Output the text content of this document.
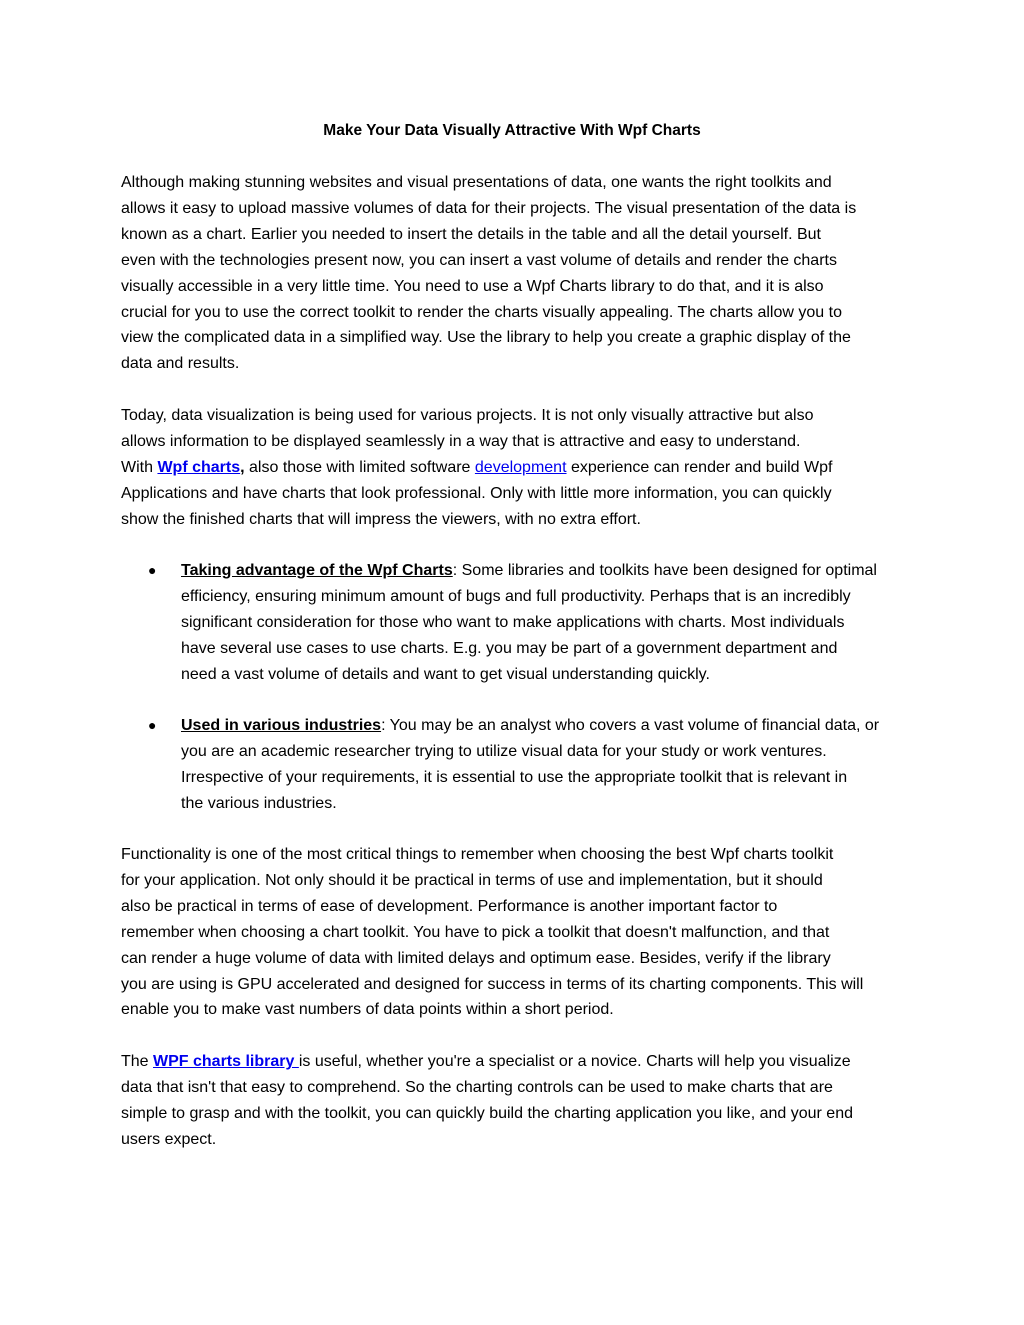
Make Your Data Visually Attractive With Wpf Charts

Although making stunning websites and visual presentations of data, one wants the right toolkits and
allows it easy to upload massive volumes of data for their projects. The visual presentation of the data is
known as a chart. Earlier you needed to insert the details in the table and all the detail yourself. But
even with the technologies present now, you can insert a vast volume of details and render the charts
visually accessible in a very little time. You need to use a Wpf Charts library to do that, and it is also
crucial for you to use the correct toolkit to render the charts visually appealing. The charts allow you to
view the complicated data in a simplified way. Use the library to help you create a graphic display of the
data and results.

Today, data visualization is being used for various projects. It is not only visually attractive but also
allows information to be displayed seamlessly in a way that is attractive and easy to understand.
With Wpf charts, also those with limited software development experience can render and build Wpf
Applications and have charts that look professional. Only with little more information, you can quickly
show the finished charts that will impress the viewers, with no extra effort.

● Taking advantage of the Wpf Charts: Some libraries and toolkits have been designed for optimal
efficiency, ensuring minimum amount of bugs and full productivity. Perhaps that is an incredibly
significant consideration for those who want to make applications with charts. Most individuals
have several use cases to use charts. E.g. you may be part of a government department and
need a vast volume of details and want to get visual understanding quickly.

● Used in various industries: You may be an analyst who covers a vast volume of financial data, or
you are an academic researcher trying to utilize visual data for your study or work ventures.
Irrespective of your requirements, it is essential to use the appropriate toolkit that is relevant in
the various industries.

Functionality is one of the most critical things to remember when choosing the best Wpf charts toolkit
for your application. Not only should it be practical in terms of use and implementation, but it should
also be practical in terms of ease of development. Performance is another important factor to
remember when choosing a chart toolkit. You have to pick a toolkit that doesn't malfunction, and that
can render a huge volume of data with limited delays and optimum ease. Besides, verify if the library
you are using is GPU accelerated and designed for success in terms of its charting components. This will
enable you to make vast numbers of data points within a short period.

The WPF charts library is useful, whether you're a specialist or a novice. Charts will help you visualize
data that isn't that easy to comprehend. So the charting controls can be used to make charts that are
simple to grasp and with the toolkit, you can quickly build the charting application you like, and your end
users expect.
